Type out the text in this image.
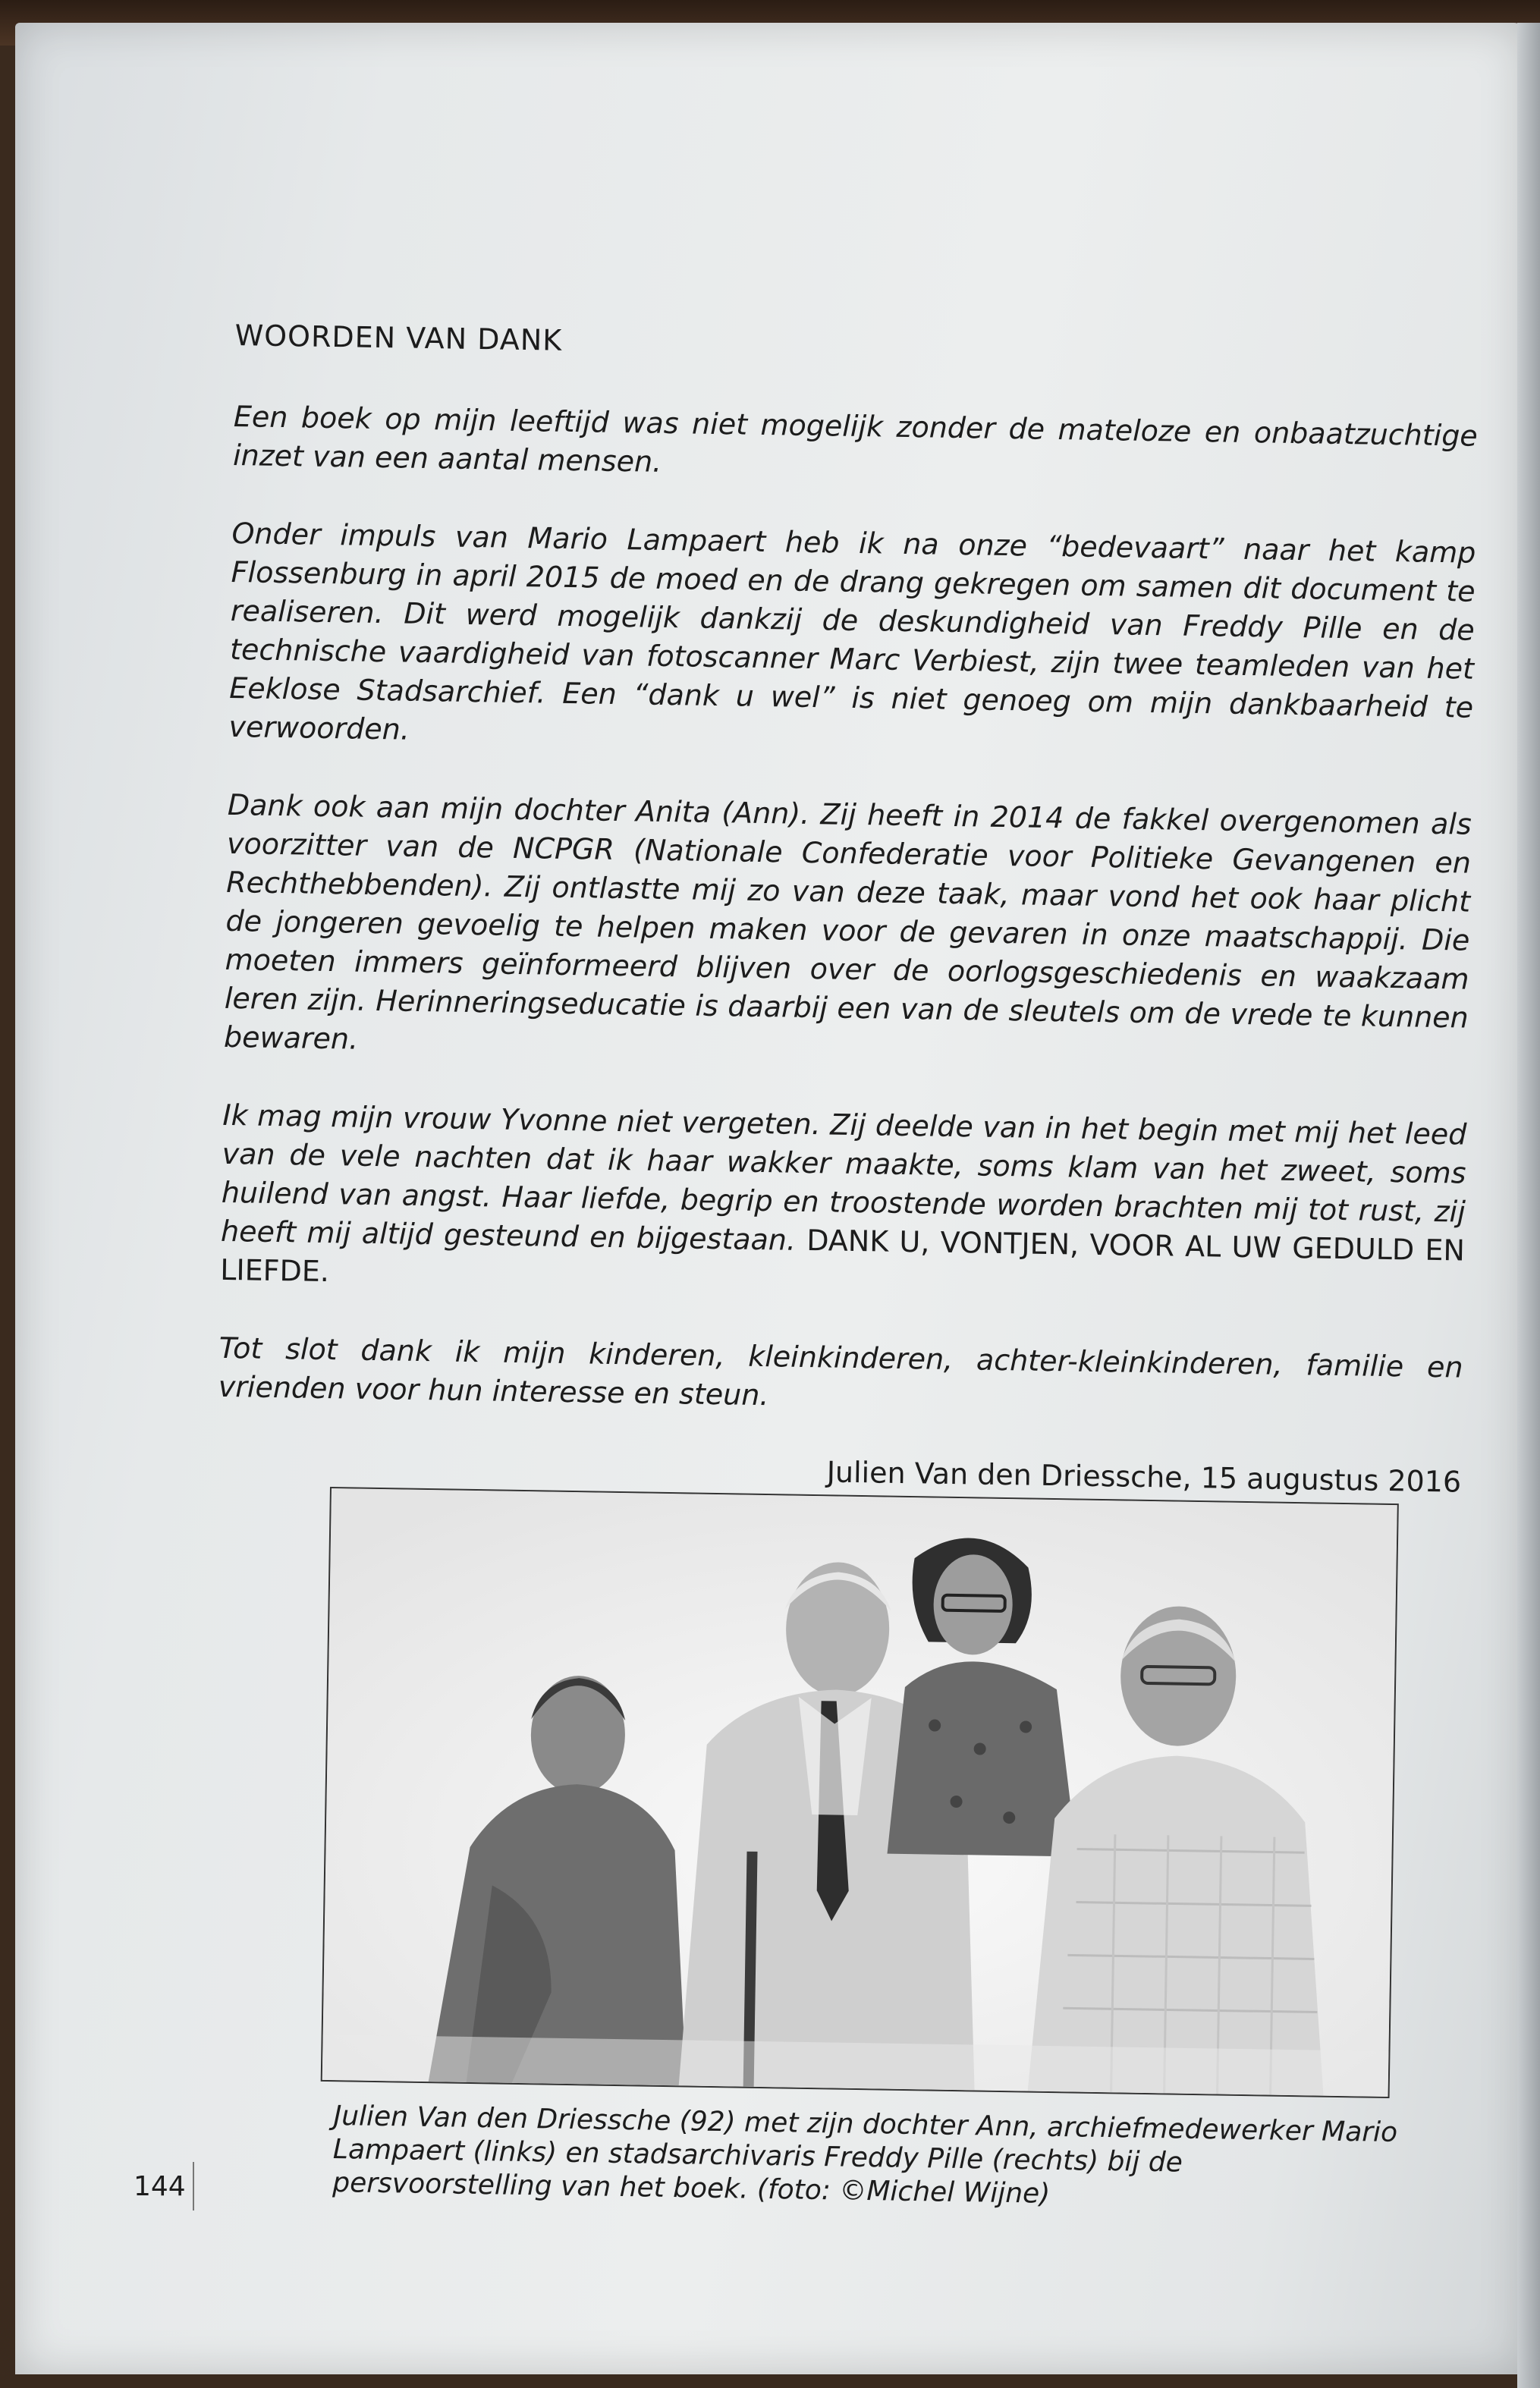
WOORDEN VAN DANK

Een boek op mijn leeftijd was niet mogelijk zonder de mateloze en onbaatzuchtige inzet van een aantal mensen.

Onder impuls van Mario Lampaert heb ik na onze “bedevaart” naar het kamp Flossenburg in april 2015 de moed en de drang gekregen om samen dit document te realiseren. Dit werd mogelijk dankzij de deskundigheid van Freddy Pille en de technische vaardigheid van fotoscanner Marc Verbiest, zijn twee teamleden van het Eeklose Stadsarchief. Een “dank u wel” is niet genoeg om mijn dankbaarheid te verwoorden.

Dank ook aan mijn dochter Anita (Ann). Zij heeft in 2014 de fakkel overgenomen als voorzitter van de NCPGR (Nationale Confederatie voor Politieke Gevangenen en Rechthebbenden). Zij ontlastte mij zo van deze taak, maar vond het ook haar plicht de jongeren gevoelig te helpen maken voor de gevaren in onze maatschappij. Die moeten immers geïnformeerd blijven over de oorlogsgeschiedenis en waakzaam leren zijn. Herinneringseducatie is daarbij een van de sleutels om de vrede te kunnen bewaren.

Ik mag mijn vrouw Yvonne niet vergeten. Zij deelde van in het begin met mij het leed van de vele nachten dat ik haar wakker maakte, soms klam van het zweet, soms huilend van angst. Haar liefde, begrip en troostende worden brachten mij tot rust, zij heeft mij altijd gesteund en bijgestaan. DANK U, VONTJEN, VOOR AL UW GEDULD EN LIEFDE.

Tot slot dank ik mijn kinderen, kleinkinderen, achter-kleinkinderen, familie en vrienden voor hun interesse en steun.

Julien Van den Driessche, 15 augustus 2016
Julien Van den Driessche (92) met zijn dochter Ann, archiefmedewerker Mario Lampaert (links) en stadsarchivaris Freddy Pille (rechts) bij de persvoorstelling van het boek. (foto: ©Michel Wijne)
144
